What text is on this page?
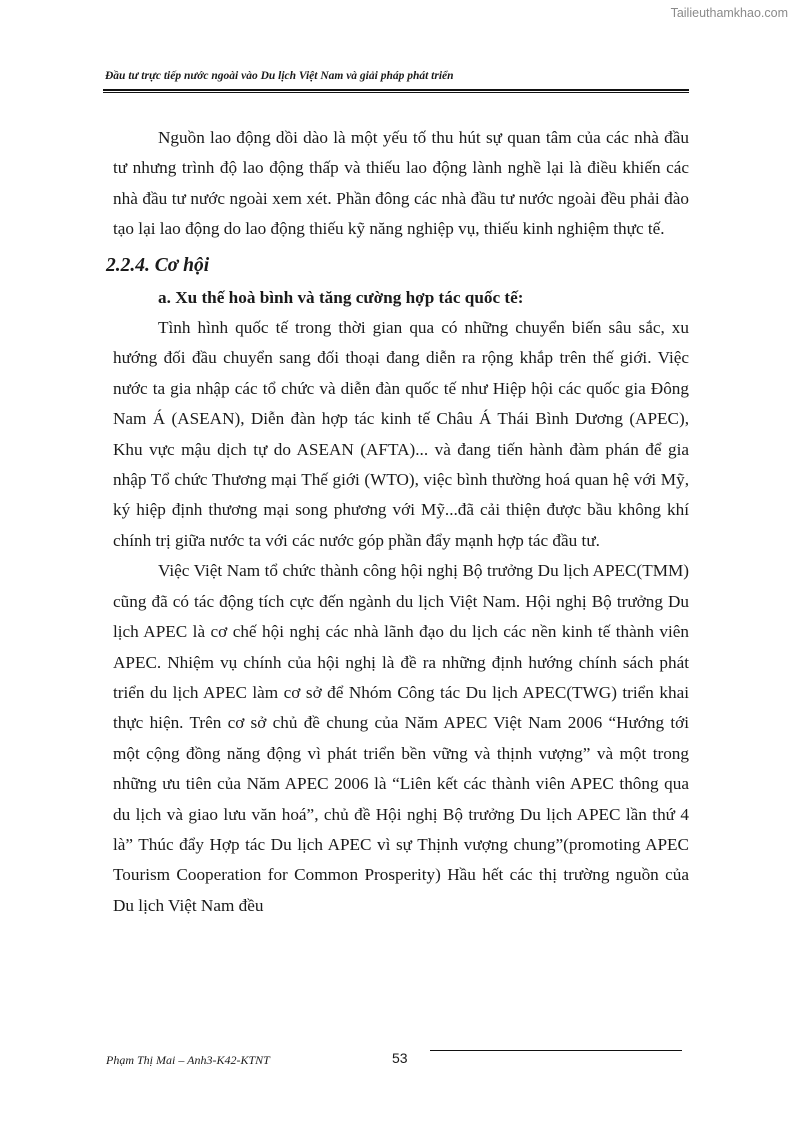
Tailieuthamkhao.com
Đầu tư trực tiếp nước ngoài vào Du lịch Việt Nam và giải pháp phát triển

Nguồn lao động dồi dào là một yếu tố thu hút sự quan tâm của các nhà đầu tư nhưng trình độ lao động thấp và thiếu lao động lành nghề lại là điều khiến các nhà đầu tư nước ngoài xem xét. Phần đông các nhà đầu tư nước ngoài đều phải đào tạo lại lao động do lao động thiếu kỹ năng nghiệp vụ, thiếu kinh nghiệm thực tế.

2.2.4. Cơ hội

a. Xu thế hoà bình và tăng cường hợp tác quốc tế:

Tình hình quốc tế trong thời gian qua có những chuyển biến sâu sắc, xu hướng đối đầu chuyển sang đối thoại đang diễn ra rộng khắp trên thế giới. Việc nước ta gia nhập các tổ chức và diễn đàn quốc tế như Hiệp hội các quốc gia Đông Nam Á (ASEAN), Diễn đàn hợp tác kinh tế Châu Á Thái Bình Dương (APEC), Khu vực mậu dịch tự do ASEAN (AFTA)... và đang tiến hành đàm phán để gia nhập Tổ chức Thương mại Thế giới (WTO), việc bình thường hoá quan hệ với Mỹ, ký hiệp định thương mại song phương với Mỹ...đã cải thiện được bầu không khí chính trị giữa nước ta với các nước góp phần đẩy mạnh hợp tác đầu tư.

Việc Việt Nam tổ chức thành công hội nghị Bộ trưởng Du lịch APEC(TMM) cũng đã có tác động tích cực đến ngành du lịch Việt Nam. Hội nghị Bộ trưởng Du lịch APEC là cơ chế hội nghị các nhà lãnh đạo du lịch các nền kinh tế thành viên APEC. Nhiệm vụ chính của hội nghị là đề ra những định hướng chính sách phát triển du lịch APEC làm cơ sở để Nhóm Công tác Du lịch APEC(TWG) triển khai thực hiện. Trên cơ sở chủ đề chung của Năm APEC Việt Nam 2006 “Hướng tới một cộng đồng năng động vì phát triển bền vững và thịnh vượng” và một trong những ưu tiên của Năm APEC 2006 là “Liên kết các thành viên APEC thông qua du lịch và giao lưu văn hoá”, chủ đề Hội nghị Bộ trưởng Du lịch APEC lần thứ 4 là” Thúc đẩy Hợp tác Du lịch APEC vì sự Thịnh vượng chung”(promoting APEC Tourism Cooperation for Common Prosperity) Hầu hết các thị trường nguồn của Du lịch Việt Nam đều

Phạm Thị Mai – Anh3-K42-KTNT	53
